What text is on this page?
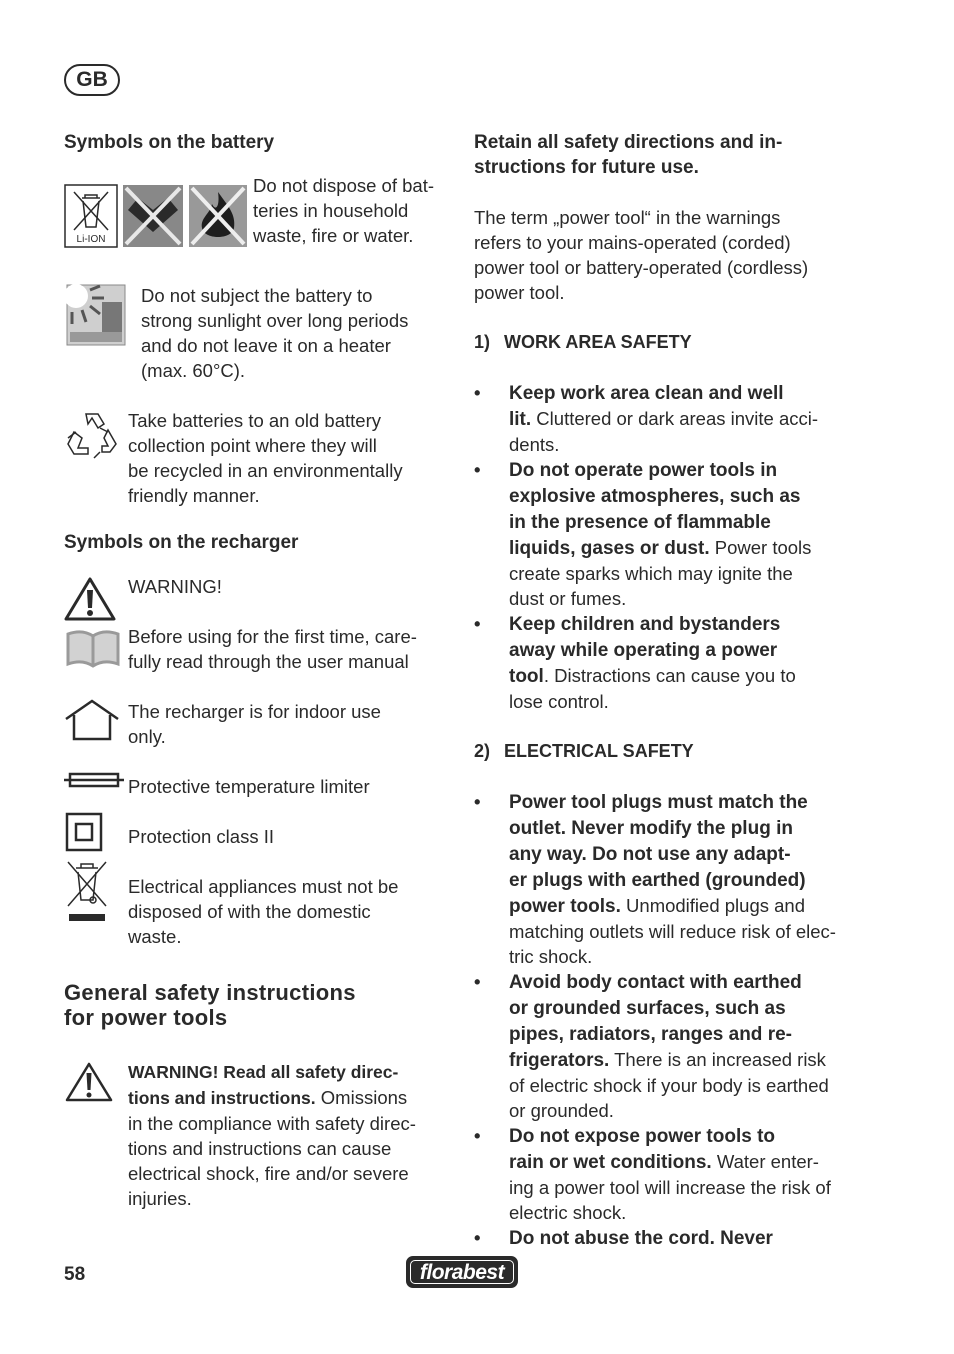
GB
Symbols on the battery
Li-ION
Do not dispose of bat-
teries in household
waste, fire or water.
Do not subject the battery to
strong sunlight over long periods
and do not leave it on a heater
(max. 60°C).
Take batteries to an old battery
collection point where they will
be recycled in an environmentally
friendly manner.
Symbols on the recharger
WARNING!
Before using for the first time, care-
fully read through the user manual
The recharger is for indoor use
only.
Protective temperature limiter
Protection class II
Electrical appliances must not be
disposed of with the domestic
waste.
General safety instructions
for power tools
WARNING! Read all safety direc-
tions and instructions. Omissions
in the compliance with safety direc-
tions and instructions can cause
electrical shock, fire and/or severe
injuries.
Retain all safety directions and in-
structions for future use.
The term „power tool“ in the warnings
refers to your mains-operated (corded)
power tool or battery-operated (cordless)
power tool.
1) WORK AREA SAFETY
• Keep work area clean and well
lit. Cluttered or dark areas invite acci-
dents.
• Do not operate power tools in
explosive atmospheres, such as
in the presence of flammable
liquids, gases or dust. Power tools
create sparks which may ignite the
dust or fumes.
• Keep children and bystanders
away while operating a power
tool. Distractions can cause you to
lose control.
2) ELECTRICAL SAFETY
• Power tool plugs must match the
outlet. Never modify the plug in
any way. Do not use any adapt-
er plugs with earthed (grounded)
power tools. Unmodified plugs and
matching outlets will reduce risk of elec-
tric shock.
• Avoid body contact with earthed
or grounded surfaces, such as
pipes, radiators, ranges and re-
frigerators. There is an increased risk
of electric shock if your body is earthed
or grounded.
• Do not expose power tools to
rain or wet conditions. Water enter-
ing a power tool will increase the risk of
electric shock.
• Do not abuse the cord. Never
58	florabest
